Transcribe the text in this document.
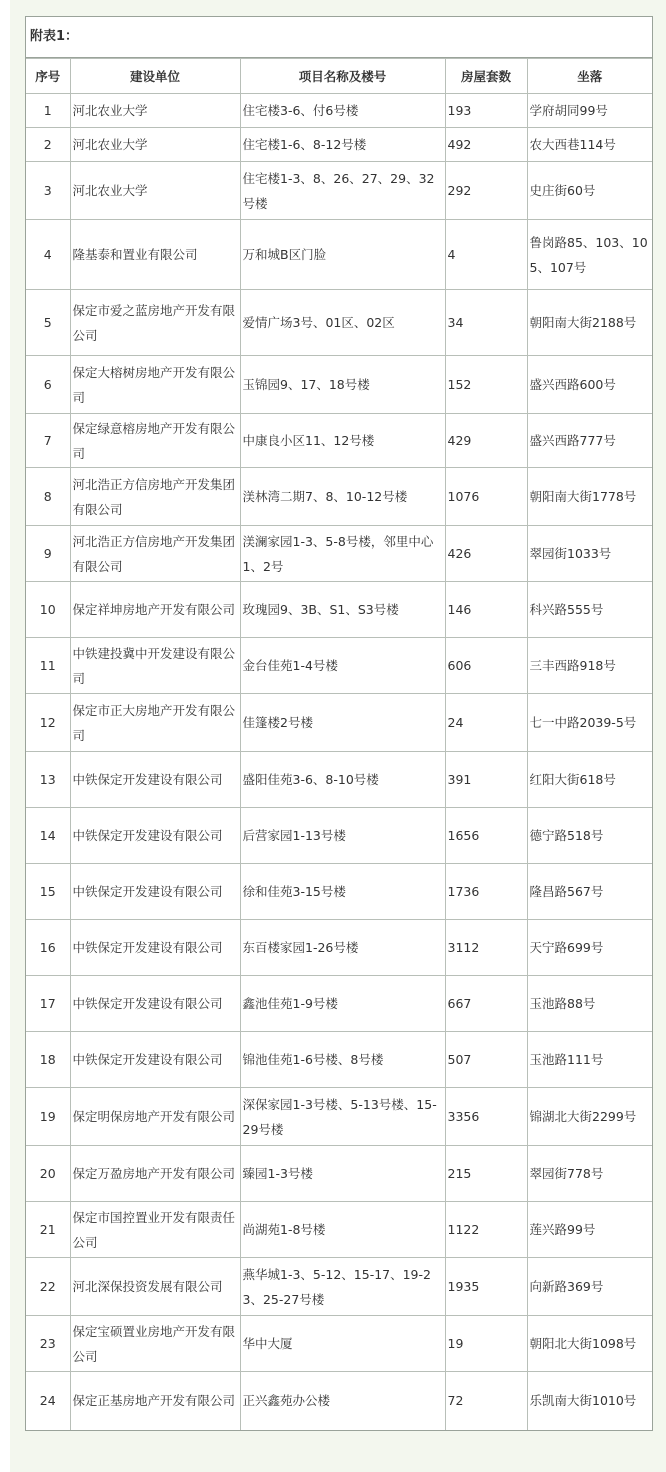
附表1：
序号	建设单位	项目名称及楼号	房屋套数	坐落
1	河北农业大学	住宅楼3-6、付6号楼	193	学府胡同99号
2	河北农业大学	住宅楼1-6、8-12号楼	492	农大西巷114号
3	河北农业大学	住宅楼1-3、8、26、27、29、32号楼	292	史庄街60号
4	隆基泰和置业有限公司	万和城B区门脸	4	鲁岗路85、103、105、107号
5	保定市爱之蓝房地产开发有限公司	爱情广场3号、01区、02区	34	朝阳南大街2188号
6	保定大榕树房地产开发有限公司	玉锦园9、17、18号楼	152	盛兴西路600号
7	保定绿意榕房地产开发有限公司	中康良小区11、12号楼	429	盛兴西路777号
8	河北浩正方信房地产开发集团有限公司	渼林湾二期7、8、10-12号楼	1076	朝阳南大街1778号
9	河北浩正方信房地产开发集团有限公司	渼澜家园1-3、5-8号楼，邻里中心1、2号	426	翠园街1033号
10	保定祥坤房地产开发有限公司	玫瑰园9、3B、S1、S3号楼	146	科兴路555号
11	中铁建投冀中开发建设有限公司	金台佳苑1-4号楼	606	三丰西路918号
12	保定市正大房地产开发有限公司	佳篷楼2号楼	24	七一中路2039-5号
13	中铁保定开发建设有限公司	盛阳佳苑3-6、8-10号楼	391	红阳大街618号
14	中铁保定开发建设有限公司	后营家园1-13号楼	1656	德宁路518号
15	中铁保定开发建设有限公司	徐和佳苑3-15号楼	1736	隆昌路567号
16	中铁保定开发建设有限公司	东百楼家园1-26号楼	3112	天宁路699号
17	中铁保定开发建设有限公司	鑫池佳苑1-9号楼	667	玉池路88号
18	中铁保定开发建设有限公司	锦池佳苑1-6号楼、8号楼	507	玉池路111号
19	保定明保房地产开发有限公司	深保家园1-3号楼、5-13号楼、15-29号楼	3356	锦湖北大街2299号
20	保定万盈房地产开发有限公司	臻园1-3号楼	215	翠园街778号
21	保定市国控置业开发有限责任公司	尚湖苑1-8号楼	1122	莲兴路99号
22	河北深保投资发展有限公司	燕华城1-3、5-12、15-17、19-23、25-27号楼	1935	向新路369号
23	保定宝硕置业房地产开发有限公司	华中大厦	19	朝阳北大街1098号
24	保定正基房地产开发有限公司	正兴鑫苑办公楼	72	乐凯南大街1010号
